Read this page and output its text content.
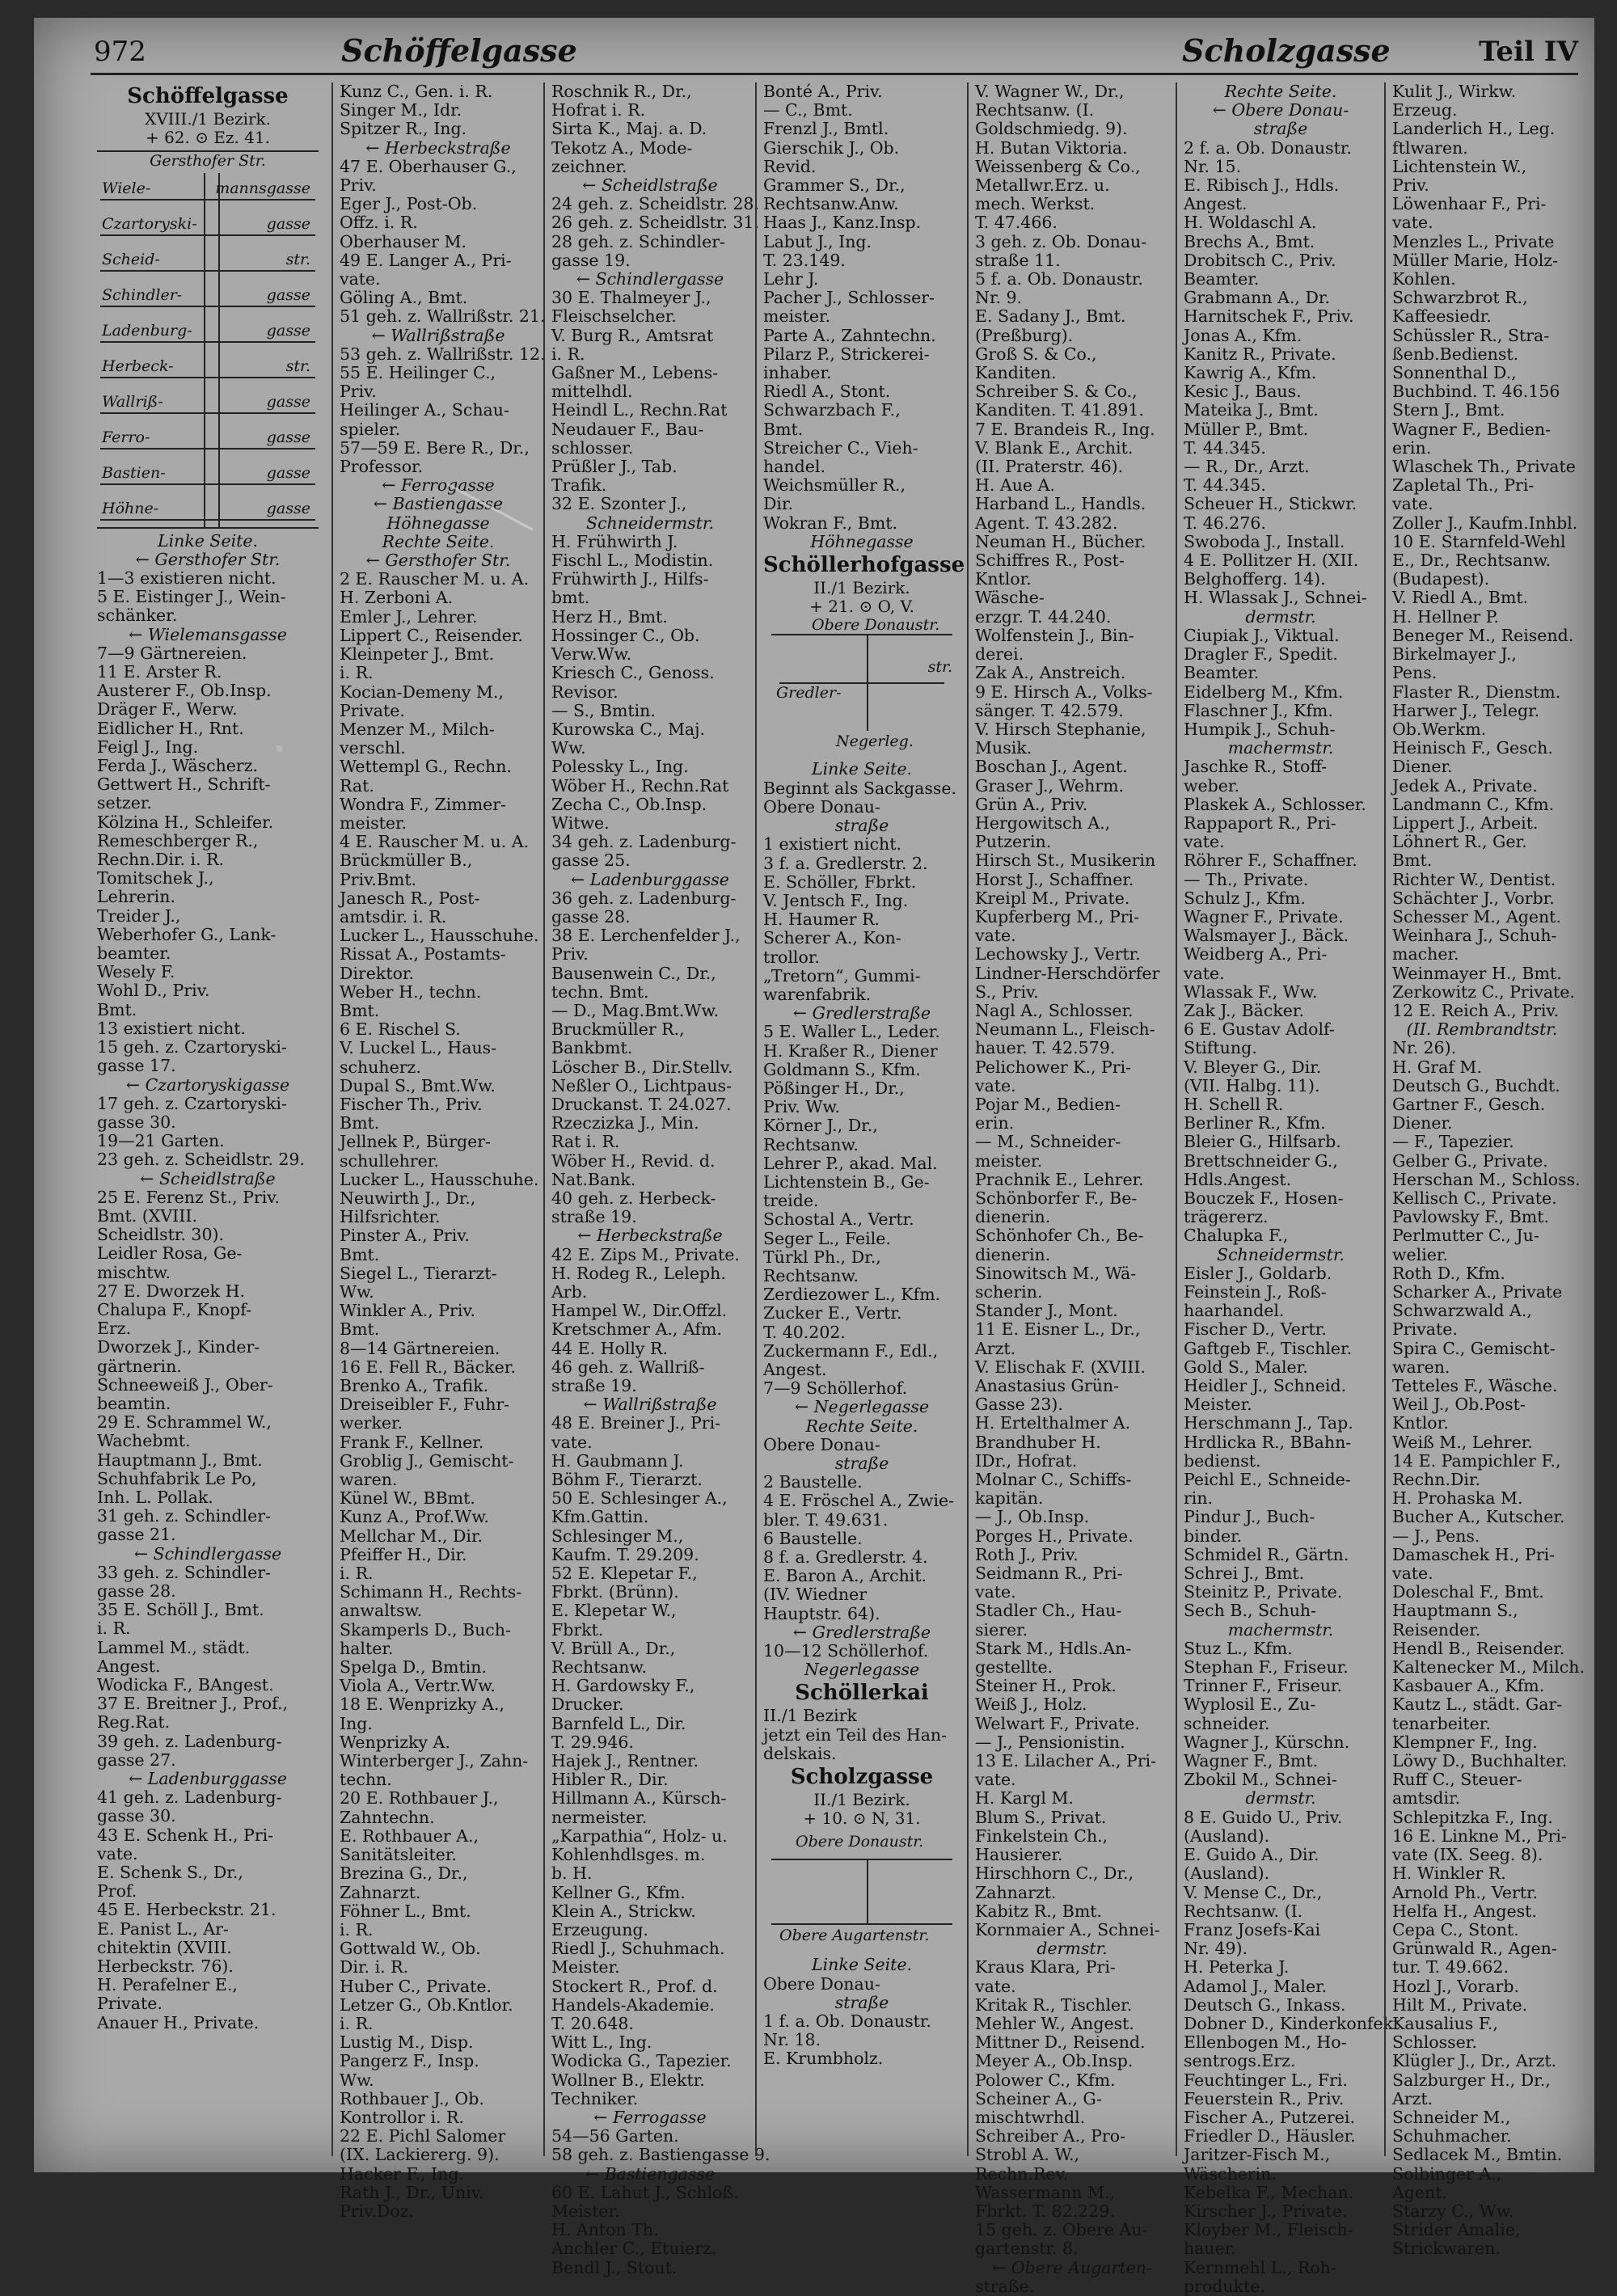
972	Schöffelgasse	Scholzgasse	Teil IV
Schöffelgasse
XVIII./1 Bezirk.
+ 62. ⊙ Ez. 41.
Gersthofer Str.
Wiele-	mannsgasse
Czartoryski-	gasse
Scheid-	str.
Schindler-	gasse
Ladenburg-	gasse
Herbeck-	str.
Wallriß-	gasse
Ferro-	gasse
Bastien-	gasse
Höhne-	gasse
Linke Seite.
← Gersthofer Str.
1—3 existieren nicht.
5 E. Eistinger J., Wein-
schänker.
← Wielemansgasse
7—9 Gärtnereien.
11 E. Arster R.
Austerer F., Ob.Insp.
Dräger F., Werw.
Eidlicher H., Rnt.
Feigl J., Ing.
Ferda J., Wäscherz.
Gettwert H., Schrift-
setzer.
Kölzina H., Schleifer.
Remeschberger R.,
Rechn.Dir. i. R.
Tomitschek J.,
Lehrerin.
Treider J.,
Weberhofer G., Lank-
beamter.
Wesely F.
Wohl D., Priv.
Bmt.
13 existiert nicht.
15 geh. z. Czartoryski-
gasse 17.
← Czartoryskigasse
17 geh. z. Czartoryski-
gasse 30.
19—21 Garten.
23 geh. z. Scheidlstr. 29.
← Scheidlstraße
25 E. Ferenz St., Priv.
Bmt. (XVIII.
Scheidlstr. 30).
Leidler Rosa, Ge-
mischtw.
27 E. Dworzek H.
Chalupa F., Knopf-
Erz.
Dworzek J., Kinder-
gärtnerin.
Schneeweiß J., Ober-
beamtin.
29 E. Schrammel W.,
Wachebmt.
Hauptmann J., Bmt.
Schuhfabrik Le Po,
Inh. L. Pollak.
31 geh. z. Schindler-
gasse 21.
← Schindlergasse
33 geh. z. Schindler-
gasse 28.
35 E. Schöll J., Bmt.
i. R.
Lammel M., städt.
Angest.
Wodicka F., BAngest.
37 E. Breitner J., Prof.,
Reg.Rat.
39 geh. z. Ladenburg-
gasse 27.
← Ladenburggasse
41 geh. z. Ladenburg-
gasse 30.
43 E. Schenk H., Pri-
vate.
E. Schenk S., Dr.,
Prof.
45 E. Herbeckstr. 21.
E. Panist L., Ar-
chitektin (XVIII.
Herbeckstr. 76).
H. Perafelner E.,
Private.
Anauer H., Private.
Kunz C., Gen. i. R.
Singer M., Idr.
Spitzer R., Ing.
← Herbeckstraße
47 E. Oberhauser G.,
Priv.
Eger J., Post-Ob.
Offz. i. R.
Oberhauser M.
49 E. Langer A., Pri-
vate.
Göling A., Bmt.
51 geh. z. Wallrißstr. 21.
← Wallrißstraße
53 geh. z. Wallrißstr. 12.
55 E. Heilinger C.,
Priv.
Heilinger A., Schau-
spieler.
57—59 E. Bere R., Dr.,
Professor.
← Ferrogasse
← Bastiengasse
Höhnegasse
Rechte Seite.
← Gersthofer Str.
2 E. Rauscher M. u. A.
H. Zerboni A.
Emler J., Lehrer.
Lippert C., Reisender.
Kleinpeter J., Bmt.
i. R.
Kocian-Demeny M.,
Private.
Menzer M., Milch-
verschl.
Wettempl G., Rechn.
Rat.
Wondra F., Zimmer-
meister.
4 E. Rauscher M. u. A.
Brückmüller B.,
Priv.Bmt.
Janesch R., Post-
amtsdir. i. R.
Lucker L., Hausschuhe.
Rissat A., Postamts-
Direktor.
Weber H., techn.
Bmt.
6 E. Rischel S.
V. Luckel L., Haus-
schuherz.
Dupal S., Bmt.Ww.
Fischer Th., Priv.
Bmt.
Jellnek P., Bürger-
schullehrer.
Lucker L., Hausschuhe.
Neuwirth J., Dr.,
Hilfsrichter.
Pinster A., Priv.
Bmt.
Siegel L., Tierarzt-
Ww.
Winkler A., Priv.
Bmt.
8—14 Gärtnereien.
16 E. Fell R., Bäcker.
Brenko A., Trafik.
Dreiseibler F., Fuhr-
werker.
Frank F., Kellner.
Groblig J., Gemischt-
waren.
Künel W., BBmt.
Kunz A., Prof.Ww.
Mellchar M., Dir.
Pfeiffer H., Dir.
i. R.
Schimann H., Rechts-
anwaltsw.
Skamperls D., Buch-
halter.
Spelga D., Bmtin.
Viola A., Vertr.Ww.
18 E. Wenprizky A.,
Ing.
Wenprizky A.
Winterberger J., Zahn-
techn.
20 E. Rothbauer J.,
Zahntechn.
E. Rothbauer A.,
Sanitätsleiter.
Brezina G., Dr.,
Zahnarzt.
Föhner L., Bmt.
i. R.
Gottwald W., Ob.
Dir. i. R.
Huber C., Private.
Letzer G., Ob.Kntlor.
i. R.
Lustig M., Disp.
Pangerz F., Insp.
Ww.
Rothbauer J., Ob.
Kontrollor i. R.
22 E. Pichl Salomer
(IX. Lackiererg. 9).
Hacker F., Ing.
Rath J., Dr., Univ.
Priv.Doz.
Roschnik R., Dr.,
Hofrat i. R.
Sirta K., Maj. a. D.
Tekotz A., Mode-
zeichner.
← Scheidlstraße
24 geh. z. Scheidlstr. 28.
26 geh. z. Scheidlstr. 31.
28 geh. z. Schindler-
gasse 19.
← Schindlergasse
30 E. Thalmeyer J.,
Fleischselcher.
V. Burg R., Amtsrat
i. R.
Gaßner M., Lebens-
mittelhdl.
Heindl L., Rechn.Rat
Neudauer F., Bau-
schlosser.
Prüßler J., Tab.
Trafik.
32 E. Szonter J.,
Schneidermstr.
H. Frühwirth J.
Fischl L., Modistin.
Frühwirth J., Hilfs-
bmt.
Herz H., Bmt.
Hossinger C., Ob.
Verw.Ww.
Kriesch C., Genoss.
Revisor.
— S., Bmtin.
Kurowska C., Maj.
Ww.
Polessky L., Ing.
Wöber H., Rechn.Rat
Zecha C., Ob.Insp.
Witwe.
34 geh. z. Ladenburg-
gasse 25.
← Ladenburggasse
36 geh. z. Ladenburg-
gasse 28.
38 E. Lerchenfelder J.,
Priv.
Bausenwein C., Dr.,
techn. Bmt.
— D., Mag.Bmt.Ww.
Bruckmüller R.,
Bankbmt.
Löscher B., Dir.Stellv.
Neßler O., Lichtpaus-
Druckanst. T. 24.027.
Rzeczizka J., Min.
Rat i. R.
Wöber H., Revid. d.
Nat.Bank.
40 geh. z. Herbeck-
straße 19.
← Herbeckstraße
42 E. Zips M., Private.
H. Rodeg R., Leleph.
Arb.
Hampel W., Dir.Offzl.
Kretschmer A., Afm.
44 E. Holly R.
46 geh. z. Wallriß-
straße 19.
← Wallrißstraße
48 E. Breiner J., Pri-
vate.
H. Gaubmann J.
Böhm F., Tierarzt.
50 E. Schlesinger A.,
Kfm.Gattin.
Schlesinger M.,
Kaufm. T. 29.209.
52 E. Klepetar F.,
Fbrkt. (Brünn).
E. Klepetar W.,
Fbrkt.
V. Brüll A., Dr.,
Rechtsanw.
H. Gardowsky F.,
Drucker.
Barnfeld L., Dir.
T. 29.946.
Hajek J., Rentner.
Hibler R., Dir.
Hillmann A., Kürsch-
nermeister.
„Karpathia“, Holz- u.
Kohlenhdlsges. m.
b. H.
Kellner G., Kfm.
Klein A., Strickw.
Erzeugung.
Riedl J., Schuhmach.
Meister.
Stockert R., Prof. d.
Handels-Akademie.
T. 20.648.
Witt L., Ing.
Wodicka G., Tapezier.
Wollner B., Elektr.
Techniker.
← Ferrogasse
54—56 Garten.
58 geh. z. Bastiengasse 9.
← Bastiengasse
60 E. Lahut J., Schloß.
Meister.
H. Anton Th.
Anchler C., Etuierz.
Bendl J., Stout.
Bonté A., Priv.
— C., Bmt.
Frenzl J., Bmtl.
Gierschik J., Ob.
Revid.
Grammer S., Dr.,
Rechtsanw.Anw.
Haas J., Kanz.Insp.
Labut J., Ing.
T. 23.149.
Lehr J.
Pacher J., Schlosser-
meister.
Parte A., Zahntechn.
Pilarz P., Strickerei-
inhaber.
Riedl A., Stont.
Schwarzbach F.,
Bmt.
Streicher C., Vieh-
handel.
Weichsmüller R.,
Dir.
Wokran F., Bmt.
Höhnegasse
Schöllerhofgasse
II./1 Bezirk.
+ 21. ⊙ O, V.
Obere Donaustr.
Gredler-
str.
Negerleg.
Linke Seite.
Beginnt als Sackgasse.
Obere Donau-
straße
1 existiert nicht.
3 f. a. Gredlerstr. 2.
E. Schöller, Fbrkt.
V. Jentsch F., Ing.
H. Haumer R.
Scherer A., Kon-
trollor.
„Tretorn“, Gummi-
warenfabrik.
← Gredlerstraße
5 E. Waller L., Leder.
H. Kraßer R., Diener
Goldmann S., Kfm.
Pößinger H., Dr.,
Priv. Ww.
Körner J., Dr.,
Rechtsanw.
Lehrer P., akad. Mal.
Lichtenstein B., Ge-
treide.
Schostal A., Vertr.
Seger L., Feile.
Türkl Ph., Dr.,
Rechtsanw.
Zerdiezower L., Kfm.
Zucker E., Vertr.
T. 40.202.
Zuckermann F., Edl.,
Angest.
7—9 Schöllerhof.
← Negerlegasse
Rechte Seite.
Obere Donau-
straße
2 Baustelle.
4 E. Fröschel A., Zwie-
bler. T. 49.631.
6 Baustelle.
8 f. a. Gredlerstr. 4.
E. Baron A., Archit.
(IV. Wiedner
Hauptstr. 64).
← Gredlerstraße
10—12 Schöllerhof.
Negerlegasse
Schöllerkai
II./1 Bezirk
jetzt ein Teil des Han-
delskais.
Scholzgasse
II./1 Bezirk.
+ 10. ⊙ N, 31.
Obere Donaustr.
Obere Augartenstr.
Linke Seite.
Obere Donau-
straße
1 f. a. Ob. Donaustr.
Nr. 18.
E. Krumbholz.
V. Wagner W., Dr.,
Rechtsanw. (I.
Goldschmiedg. 9).
H. Butan Viktoria.
Weissenberg & Co.,
Metallwr.Erz. u.
mech. Werkst.
T. 47.466.
3 geh. z. Ob. Donau-
straße 11.
5 f. a. Ob. Donaustr.
Nr. 9.
E. Sadany J., Bmt.
(Preßburg).
Groß S. & Co.,
Kanditen.
Schreiber S. & Co.,
Kanditen. T. 41.891.
7 E. Brandeis R., Ing.
V. Blank E., Archit.
(II. Praterstr. 46).
H. Aue A.
Harband L., Handls.
Agent. T. 43.282.
Neuman H., Bücher.
Schiffres R., Post-
Kntlor.
Wäsche-
erzgr. T. 44.240.
Wolfenstein J., Bin-
derei.
Zak A., Anstreich.
9 E. Hirsch A., Volks-
sänger. T. 42.579.
V. Hirsch Stephanie,
Musik.
Boschan J., Agent.
Graser J., Wehrm.
Grün A., Priv.
Hergowitsch A.,
Putzerin.
Hirsch St., Musikerin
Horst J., Schaffner.
Kreipl M., Private.
Kupferberg M., Pri-
vate.
Lechowsky J., Vertr.
Lindner-Herschdörfer
S., Priv.
Nagl A., Schlosser.
Neumann L., Fleisch-
hauer. T. 42.579.
Pelichower K., Pri-
vate.
Pojar M., Bedien-
erin.
— M., Schneider-
meister.
Prachnik E., Lehrer.
Schönborfer F., Be-
dienerin.
Schönhofer Ch., Be-
dienerin.
Sinowitsch M., Wä-
scherin.
Stander J., Mont.
11 E. Eisner L., Dr.,
Arzt.
V. Elischak F. (XVIII.
Anastasius Grün-
Gasse 23).
H. Ertelthalmer A.
Brandhuber H.
IDr., Hofrat.
Molnar C., Schiffs-
kapitän.
— J., Ob.Insp.
Porges H., Private.
Roth J., Priv.
Seidmann R., Pri-
vate.
Stadler Ch., Hau-
sierer.
Stark M., Hdls.An-
gestellte.
Steiner H., Prok.
Weiß J., Holz.
Welwart F., Private.
— J., Pensionistin.
13 E. Lilacher A., Pri-
vate.
H. Kargl M.
Blum S., Privat.
Finkelstein Ch.,
Hausierer.
Hirschhorn C., Dr.,
Zahnarzt.
Kabitz R., Bmt.
Kornmaier A., Schnei-
dermstr.
Kraus Klara, Pri-
vate.
Kritak R., Tischler.
Mehler W., Angest.
Mittner D., Reisend.
Meyer A., Ob.Insp.
Polower C., Kfm.
Scheiner A., G-
mischtwrhdl.
Schreiber A., Pro-
Strobl A. W.,
Rechn.Rev.
Wassermann M.,
Fbrkt. T. 82.229.
15 geh. z. Obere Au-
gartenstr. 8.
← Obere Augarten-
straße.
Rechte Seite.
← Obere Donau-
straße
2 f. a. Ob. Donaustr.
Nr. 15.
E. Ribisch J., Hdls.
Angest.
H. Woldaschl A.
Brechs A., Bmt.
Drobitsch C., Priv.
Beamter.
Grabmann A., Dr.
Harnitschek F., Priv.
Jonas A., Kfm.
Kanitz R., Private.
Kawrig A., Kfm.
Kesic J., Baus.
Mateika J., Bmt.
Müller P., Bmt.
T. 44.345.
— R., Dr., Arzt.
T. 44.345.
Scheuer H., Stickwr.
T. 46.276.
Swoboda J., Install.
4 E. Pollitzer H. (XII.
Belghofferg. 14).
H. Wlassak J., Schnei-
dermstr.
Ciupiak J., Viktual.
Dragler F., Spedit.
Beamter.
Eidelberg M., Kfm.
Flaschner J., Kfm.
Humpik J., Schuh-
machermstr.
Jaschke R., Stoff-
weber.
Plaskek A., Schlosser.
Rappaport R., Pri-
vate.
Röhrer F., Schaffner.
— Th., Private.
Schulz J., Kfm.
Wagner F., Private.
Walsmayer J., Bäck.
Weidberg A., Pri-
vate.
Wlassak F., Ww.
Zak J., Bäcker.
6 E. Gustav Adolf-
Stiftung.
V. Bleyer G., Dir.
(VII. Halbg. 11).
H. Schell R.
Berliner R., Kfm.
Bleier G., Hilfsarb.
Brettschneider G.,
Hdls.Angest.
Bouczek F., Hosen-
trägererz.
Chalupka F.,
Schneidermstr.
Eisler J., Goldarb.
Feinstein J., Roß-
haarhandel.
Fischer D., Vertr.
Gaftgeb F., Tischler.
Gold S., Maler.
Heidler J., Schneid.
Meister.
Herschmann J., Tap.
Hrdlicka R., BBahn-
bedienst.
Peichl E., Schneide-
rin.
Pindur J., Buch-
binder.
Schmidel R., Gärtn.
Schrei J., Bmt.
Steinitz P., Private.
Sech B., Schuh-
machermstr.
Stuz L., Kfm.
Stephan F., Friseur.
Trinner F., Friseur.
Wyplosil E., Zu-
schneider.
Wagner J., Kürschn.
Wagner F., Bmt.
Zbokil M., Schnei-
dermstr.
8 E. Guido U., Priv.
(Ausland).
E. Guido A., Dir.
(Ausland).
V. Mense C., Dr.,
Rechtsanw. (I.
Franz Josefs-Kai
Nr. 49).
H. Peterka J.
Adamol J., Maler.
Deutsch G., Inkass.
Dobner D., Kinderkonfekt.
Ellenbogen M., Ho-
sentrogs.Erz.
Feuchtinger L., Fri.
Feuerstein R., Priv.
Fischer A., Putzerei.
Friedler D., Häusler.
Jaritzer-Fisch M.,
Wäscherin.
Kebelka F., Mechan.
Kirscher J., Private.
Kloyber M., Fleisch-
hauer.
Kernmehl L., Roh-
produkte.
Kulit J., Wirkw.
Erzeug.
Landerlich H., Leg.
ftlwaren.
Lichtenstein W.,
Priv.
Löwenhaar F., Pri-
vate.
Menzles L., Private
Müller Marie, Holz-
Kohlen.
Schwarzbrot R.,
Kaffeesiedr.
Schüssler R., Stra-
ßenb.Bedienst.
Sonnenthal D.,
Buchbind. T. 46.156
Stern J., Bmt.
Wagner F., Bedien-
erin.
Wlaschek Th., Private
Zapletal Th., Pri-
vate.
Zoller J., Kaufm.Inhbl.
10 E. Starnfeld-Wehl
E., Dr., Rechtsanw.
(Budapest).
V. Riedl A., Bmt.
H. Hellner P.
Beneger M., Reisend.
Birkelmayer J.,
Pens.
Flaster R., Dienstm.
Harwer J., Telegr.
Ob.Werkm.
Heinisch F., Gesch.
Diener.
Jedek A., Private.
Landmann C., Kfm.
Lippert J., Arbeit.
Löhnert R., Ger.
Bmt.
Richter W., Dentist.
Schächter J., Vorbr.
Schesser M., Agent.
Weinhara J., Schuh-
macher.
Weinmayer H., Bmt.
Zerkowitz C., Private.
12 E. Reich A., Priv.
(II. Rembrandtstr.
Nr. 26).
H. Graf M.
Deutsch G., Buchdt.
Gartner F., Gesch.
Diener.
— F., Tapezier.
Gelber G., Private.
Herschan M., Schloss.
Kellisch C., Private.
Pavlowsky F., Bmt.
Perlmutter C., Ju-
welier.
Roth D., Kfm.
Scharker A., Private
Schwarzwald A.,
Private.
Spira C., Gemischt-
waren.
Tetteles F., Wäsche.
Weil J., Ob.Post-
Kntlor.
Weiß M., Lehrer.
14 E. Pampichler F.,
Rechn.Dir.
H. Prohaska M.
Bucher A., Kutscher.
— J., Pens.
Damaschek H., Pri-
vate.
Doleschal F., Bmt.
Hauptmann S.,
Reisender.
Hendl B., Reisender.
Kaltenecker M., Milch.
Kasbauer A., Kfm.
Kautz L., städt. Gar-
tenarbeiter.
Klempner F., Ing.
Löwy D., Buchhalter.
Ruff C., Steuer-
amtsdir.
Schlepitzka F., Ing.
16 E. Linkne M., Pri-
vate (IX. Seeg. 8).
H. Winkler R.
Arnold Ph., Vertr.
Helfa H., Angest.
Cepa C., Stont.
Grünwald R., Agen-
tur. T. 49.662.
Hozl J., Vorarb.
Hilt M., Private.
Kausalius F.,
Schlosser.
Klügler J., Dr., Arzt.
Salzburger H., Dr.,
Arzt.
Schneider M.,
Schuhmacher.
Sedlacek M., Bmtin.
Solbinger A.,
Agent.
Starzy C., Ww.
Strider Amalie,
Strickwaren.
